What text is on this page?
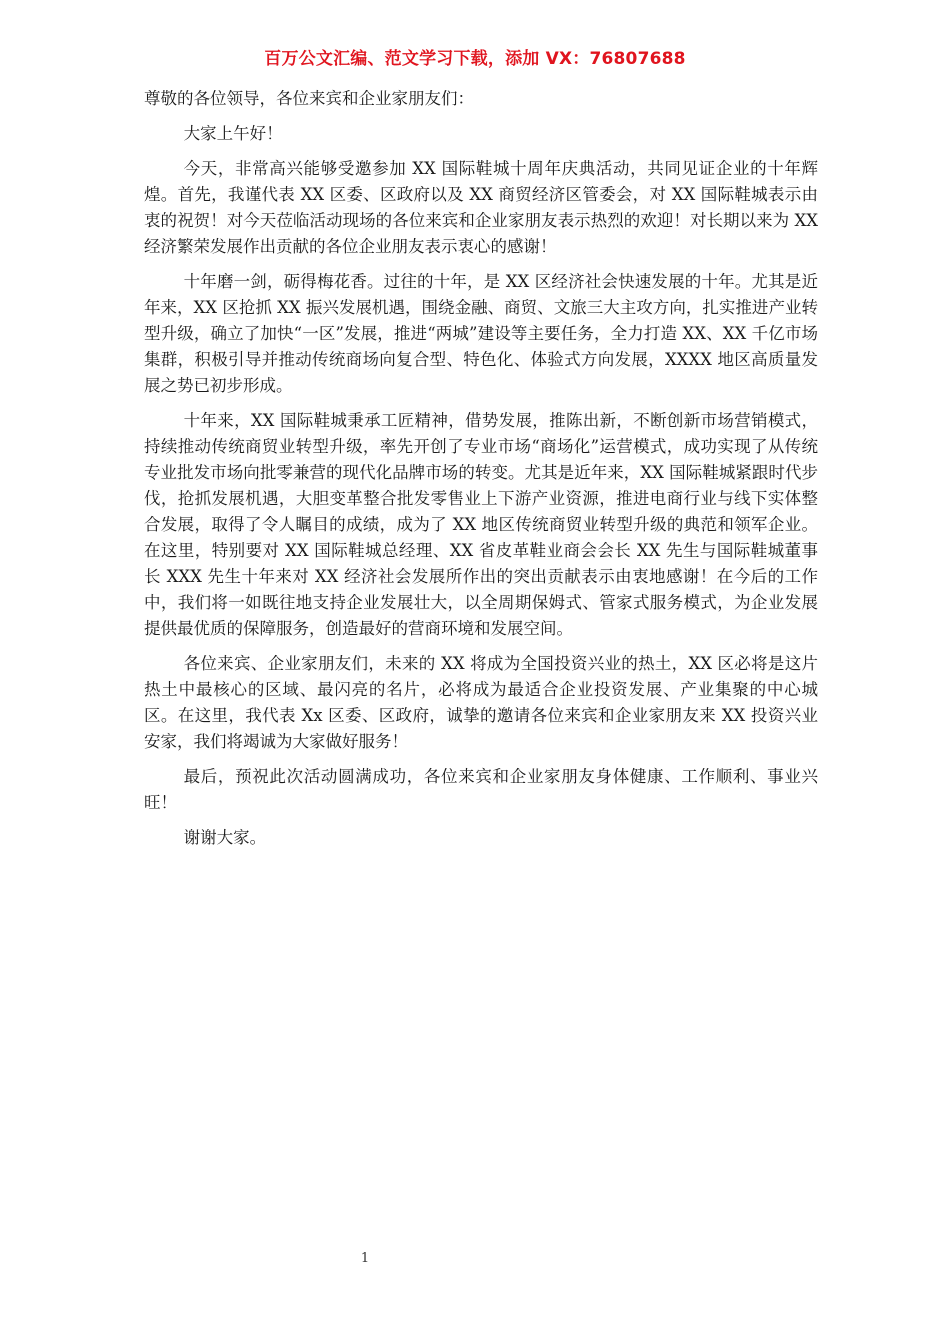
百万公文汇编、范文学习下载，添加 VX：76807688

尊敬的各位领导，各位来宾和企业家朋友们：

大家上午好！

今天，非常高兴能够受邀参加 XX 国际鞋城十周年庆典活动，共同见证企业的十年辉煌。首先，我谨代表 XX 区委、区政府以及 XX 商贸经济区管委会，对 XX 国际鞋城表示由衷的祝贺！对今天莅临活动现场的各位来宾和企业家朋友表示热烈的欢迎！对长期以来为 XX 经济繁荣发展作出贡献的各位企业朋友表示衷心的感谢！

十年磨一剑，砺得梅花香。过往的十年，是 XX 区经济社会快速发展的十年。尤其是近年来，XX 区抢抓 XX 振兴发展机遇，围绕金融、商贸、文旅三大主攻方向，扎实推进产业转型升级，确立了加快“一区”发展，推进“两城”建设等主要任务，全力打造 XX、XX 千亿市场集群，积极引导并推动传统商场向复合型、特色化、体验式方向发展，XXXX 地区高质量发展之势已初步形成。

十年来，XX 国际鞋城秉承工匠精神，借势发展，推陈出新，不断创新市场营销模式，持续推动传统商贸业转型升级，率先开创了专业市场“商场化”运营模式，成功实现了从传统专业批发市场向批零兼营的现代化品牌市场的转变。尤其是近年来，XX 国际鞋城紧跟时代步伐，抢抓发展机遇，大胆变革整合批发零售业上下游产业资源，推进电商行业与线下实体整合发展，取得了令人瞩目的成绩，成为了 XX 地区传统商贸业转型升级的典范和领军企业。在这里，特别要对 XX 国际鞋城总经理、XX 省皮革鞋业商会会长 XX 先生与国际鞋城董事长 XXX 先生十年来对 XX 经济社会发展所作出的突出贡献表示由衷地感谢！在今后的工作中，我们将一如既往地支持企业发展壮大，以全周期保姆式、管家式服务模式，为企业发展提供最优质的保障服务，创造最好的营商环境和发展空间。

各位来宾、企业家朋友们，未来的 XX 将成为全国投资兴业的热土，XX 区必将是这片热土中最核心的区域、最闪亮的名片，必将成为最适合企业投资发展、产业集聚的中心城区。在这里，我代表 Xx 区委、区政府，诚挚的邀请各位来宾和企业家朋友来 XX 投资兴业安家，我们将竭诚为大家做好服务！

最后，预祝此次活动圆满成功，各位来宾和企业家朋友身体健康、工作顺利、事业兴旺！

谢谢大家。

1
